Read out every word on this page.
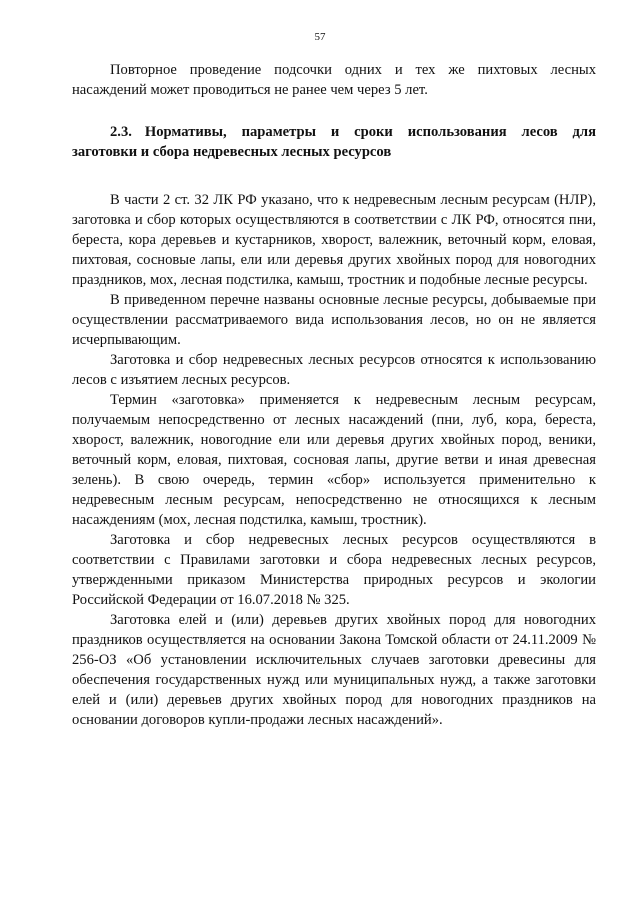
57

Повторное проведение подсочки одних и тех же пихтовых лесных насаждений может проводиться не ранее чем через 5 лет.

2.3. Нормативы, параметры и сроки использования лесов для заготовки и сбора недревесных лесных ресурсов

В части 2 ст. 32 ЛК РФ указано, что к недревесным лесным ресурсам (НЛР), заготовка и сбор которых осуществляются в соответствии с ЛК РФ, относятся пни, береста, кора деревьев и кустарников, хворост, валежник, веточный корм, еловая, пихтовая, сосновые лапы, ели или деревья других хвойных пород для новогодних праздников, мох, лесная подстилка, камыш, тростник и подобные лесные ресурсы.

В приведенном перечне названы основные лесные ресурсы, добываемые при осуществлении рассматриваемого вида использования лесов, но он не является исчерпывающим.

Заготовка и сбор недревесных лесных ресурсов относятся к использованию лесов с изъятием лесных ресурсов.

Термин «заготовка» применяется к недревесным лесным ресурсам, получаемым непосредственно от лесных насаждений (пни, луб, кора, береста, хворост, валежник, новогодние ели или деревья других хвойных пород, веники, веточный корм, еловая, пихтовая, сосновая лапы, другие ветви и иная древесная зелень). В свою очередь, термин «сбор» используется применительно к недревесным лесным ресурсам, непосредственно не относящихся к лесным насаждениям (мох, лесная подстилка, камыш, тростник).

Заготовка и сбор недревесных лесных ресурсов осуществляются в соответствии с Правилами заготовки и сбора недревесных лесных ресурсов, утвержденными приказом Министерства природных ресурсов и экологии Российской Федерации от 16.07.2018 № 325.

Заготовка елей и (или) деревьев других хвойных пород для новогодних праздников осуществляется на основании Закона Томской области от 24.11.2009 № 256-ОЗ «Об установлении исключительных случаев заготовки древесины для обеспечения государственных нужд или муниципальных нужд, а также заготовки елей и (или) деревьев других хвойных пород для новогодних праздников на основании договоров купли-продажи лесных насаждений».
